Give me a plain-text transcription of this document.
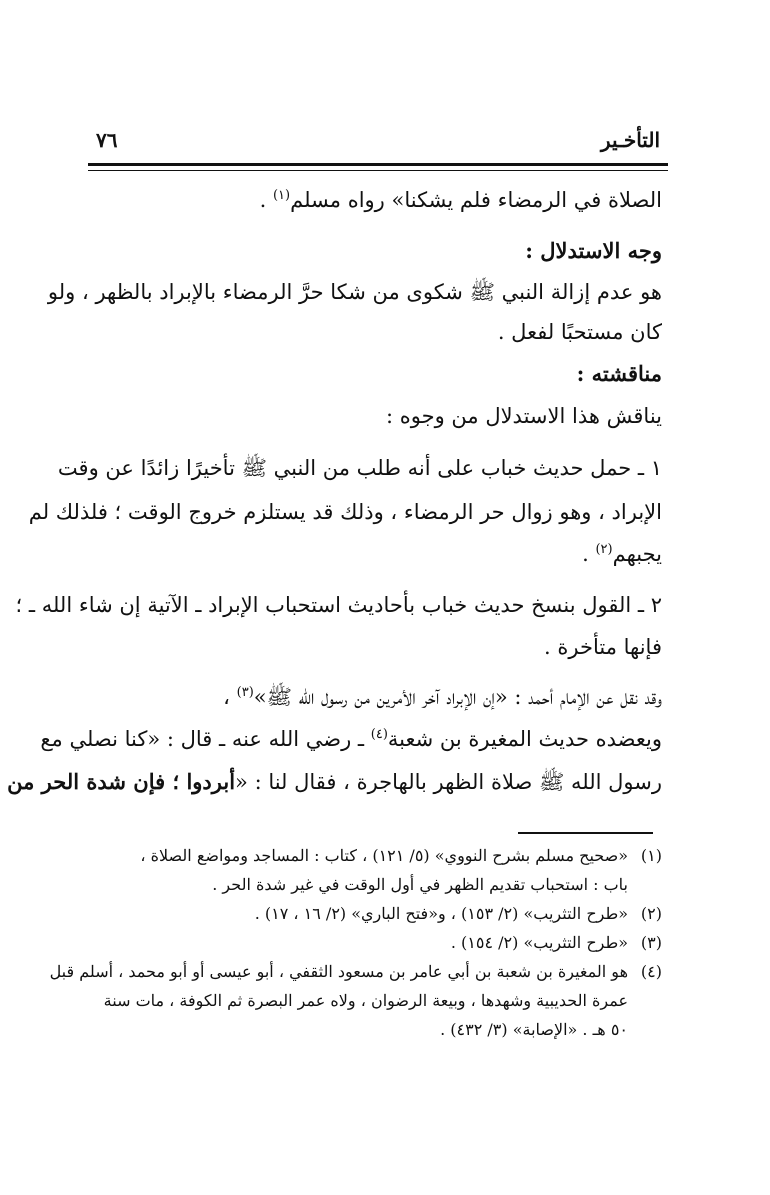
التأخـير
٧٦
الصلاة في الرمضاء فلم يشكنا» رواه مسلم$^{(١)}$ .
وجه الاستدلال :
هو عدم إزالة النبي ﷺ شكوى من شكا حرَّ الرمضاء بالإبراد بالظهر ، ولو
كان مستحبًا لفعل .
مناقشته :
يناقش هذا الاستدلال من وجوه :
١ ـ حمل حديث خباب على أنه طلب من النبي ﷺ تأخيرًا زائدًا عن وقت
الإبراد ، وهو زوال حر الرمضاء ، وذلك قد يستلزم خروج الوقت ؛ فلذلك لم
يجبهم$^{(٢)}$ .
٢ ـ القول بنسخ حديث خباب بأحاديث استحباب الإبراد ـ الآتية إن شاء الله ـ ؛
فإنها متأخرة .
وقد نقل عن الإمام أحمد : «إن الإبراد آخر الأمرين من رسول الله ﷺ»$^{(٣)}$ ،
ويعضده حديث المغيرة بن شعبة$^{(٤)}$ ـ رضي الله عنه ـ قال : «كنا نصلي مع
رسول الله ﷺ صلاة الظهر بالهاجرة ، فقال لنا : «أبردوا ؛ فإن شدة الحر من
(١)«صحيح مسلم بشرح النووي» (٥/ ١٢١) ، كتاب : المساجد ومواضع الصلاة ،
باب : استحباب تقديم الظهر في أول الوقت في غير شدة الحر .
(٢)«طرح التثريب» (٢/ ١٥٣) ، و«فتح الباري» (٢/ ١٦ ، ١٧) .
(٣)«طرح التثريب» (٢/ ١٥٤) .
(٤)هو المغيرة بن شعبة بن أبي عامر بن مسعود الثقفي ، أبو عيسى أو أبو محمد ، أسلم قبل
عمرة الحديبية وشهدها ، وبيعة الرضوان ، ولاه عمر البصرة ثم الكوفة ، مات سنة
٥٠ هـ . «الإصابة» (٣/ ٤٣٢) .
